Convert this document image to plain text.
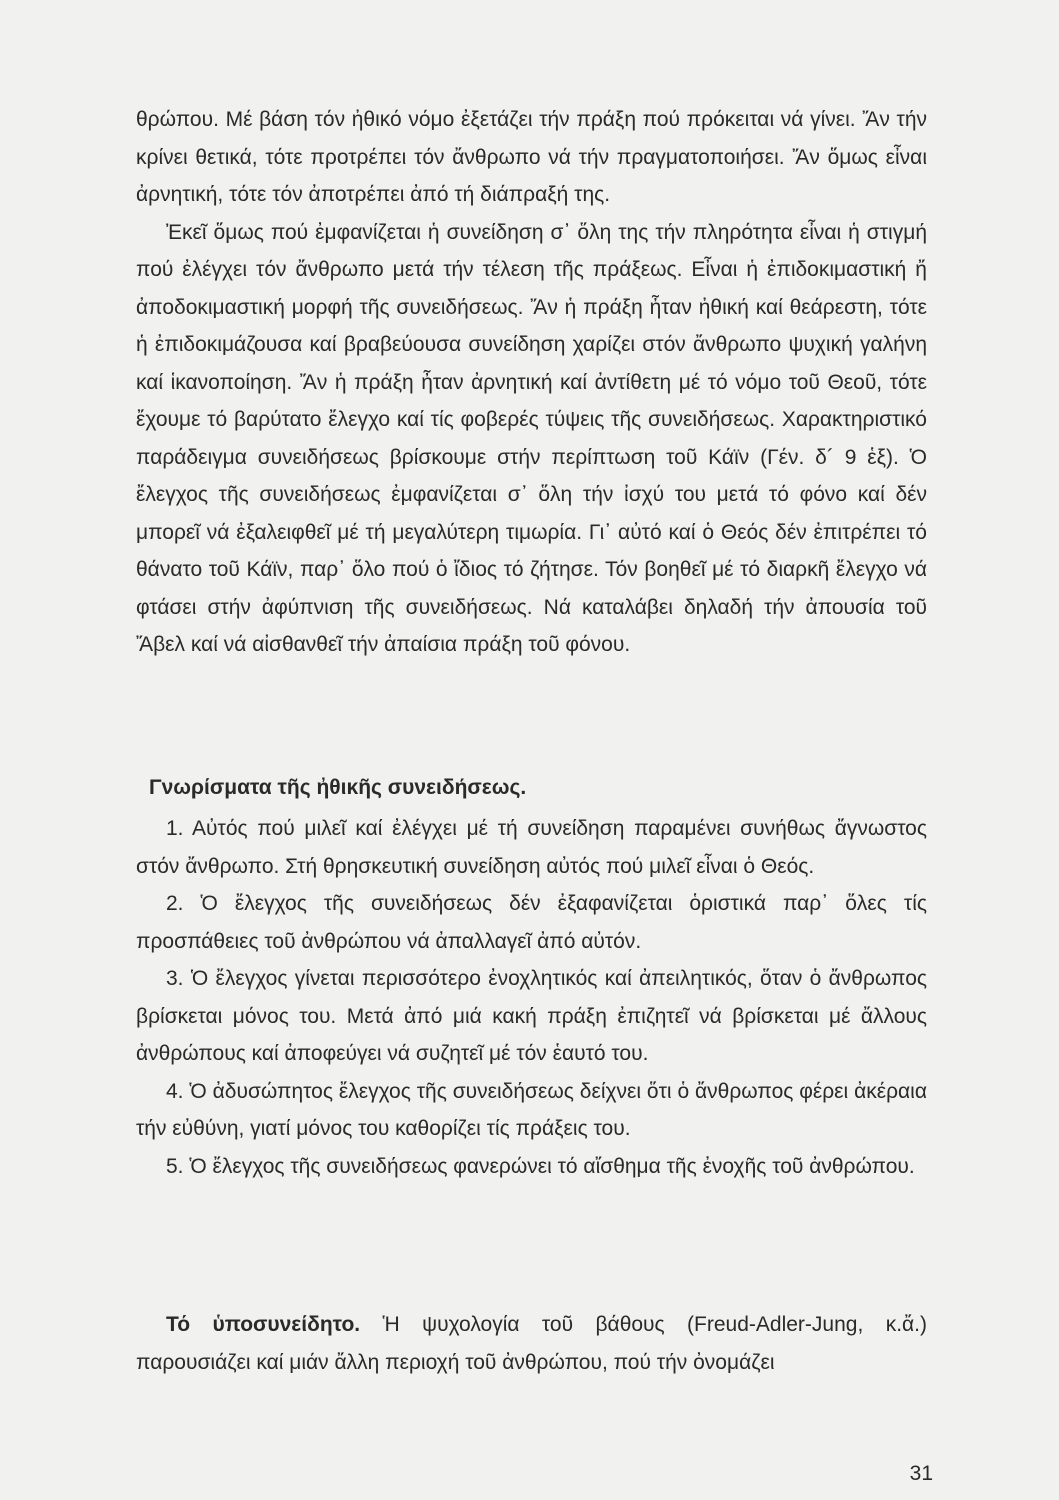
θρώπου. Μέ βάση τόν ἠθικό νόμο ἐξετάζει τήν πράξη πού πρόκειται νά γίνει. Ἄν τήν κρίνει θετικά, τότε προτρέπει τόν ἄνθρωπο νά τήν πραγματοποιήσει. Ἄν ὅμως εἶναι ἀρνητική, τότε τόν ἀποτρέπει ἀπό τή διάπραξή της.

Ἐκεῖ ὅμως πού ἐμφανίζεται ἡ συνείδηση σ᾽ ὅλη της τήν πληρότητα εἶναι ἡ στιγμή πού ἐλέγχει τόν ἄνθρωπο μετά τήν τέλεση τῆς πράξεως. Εἶναι ἡ ἐπιδοκιμαστική ἤ ἀποδοκιμαστική μορφή τῆς συνειδήσεως. Ἄν ἡ πράξη ἦταν ἠθική καί θεάρεστη, τότε ἡ ἐπιδοκιμάζουσα καί βραβεύουσα συνείδηση χαρίζει στόν ἄνθρωπο ψυχική γαλήνη καί ἱκανοποίηση. Ἄν ἡ πράξη ἦταν ἀρνητική καί ἀντίθετη μέ τό νόμο τοῦ Θεοῦ, τότε ἔχουμε τό βαρύτατο ἔλεγχο καί τίς φοβερές τύψεις τῆς συνειδήσεως. Χαρακτηριστικό παράδειγμα συνειδήσεως βρίσκουμε στήν περίπτωση τοῦ Κάϊν (Γέν. δ´ 9 ἑξ). Ὁ ἔλεγχος τῆς συνειδήσεως ἐμφανίζεται σ᾽ ὅλη τήν ἰσχύ του μετά τό φόνο καί δέν μπορεῖ νά ἐξαλειφθεῖ μέ τή μεγαλύτερη τιμωρία. Γι᾽ αὐτό καί ὁ Θεός δέν ἐπιτρέπει τό θάνατο τοῦ Κάϊν, παρ᾽ ὅλο πού ὁ ἴδιος τό ζήτησε. Τόν βοηθεῖ μέ τό διαρκῆ ἔλεγχο νά φτάσει στήν ἀφύπνιση τῆς συνειδήσεως. Νά καταλάβει δηλαδή τήν ἀπουσία τοῦ Ἄβελ καί νά αἰσθανθεῖ τήν ἀπαίσια πράξη τοῦ φόνου.

Γνωρίσματα τῆς ἠθικῆς συνειδήσεως.

1. Αὐτός πού μιλεῖ καί ἐλέγχει μέ τή συνείδηση παραμένει συνήθως ἄγνωστος στόν ἄνθρωπο. Στή θρησκευτική συνείδηση αὐτός πού μιλεῖ εἶναι ὁ Θεός.

2. Ὁ ἔλεγχος τῆς συνειδήσεως δέν ἐξαφανίζεται ὁριστικά παρ᾽ ὅλες τίς προσπάθειες τοῦ ἀνθρώπου νά ἀπαλλαγεῖ ἀπό αὐτόν.

3. Ὁ ἔλεγχος γίνεται περισσότερο ἐνοχλητικός καί ἀπειλητικός, ὅταν ὁ ἄνθρωπος βρίσκεται μόνος του. Μετά ἀπό μιά κακή πράξη ἐπιζητεῖ νά βρίσκεται μέ ἄλλους ἀνθρώπους καί ἀποφεύγει νά συζητεῖ μέ τόν ἑαυτό του.

4. Ὁ ἀδυσώπητος ἔλεγχος τῆς συνειδήσεως δείχνει ὅτι ὁ ἄνθρωπος φέρει ἀκέραια τήν εὐθύνη, γιατί μόνος του καθορίζει τίς πράξεις του.

5. Ὁ ἔλεγχος τῆς συνειδήσεως φανερώνει τό αἴσθημα τῆς ἐνοχῆς τοῦ ἀνθρώπου.

Τό ὑποσυνείδητο. Ἡ ψυχολογία τοῦ βάθους (Freud-Adler-Jung, κ.ἄ.) παρουσιάζει καί μιάν ἄλλη περιοχή τοῦ ἀνθρώπου, πού τήν ὀνομάζει

31
